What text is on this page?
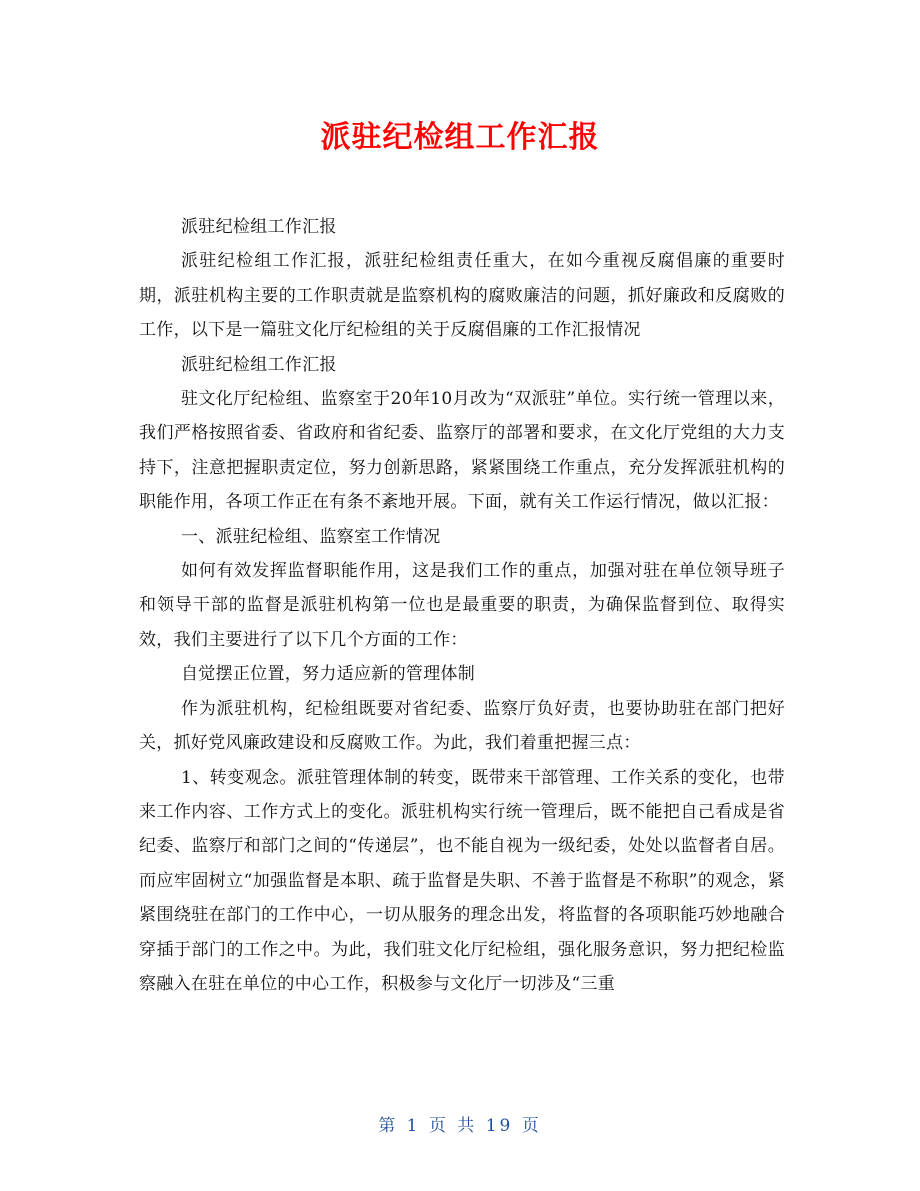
派驻纪检组工作汇报

派驻纪检组工作汇报

派驻纪检组工作汇报，派驻纪检组责任重大，在如今重视反腐倡廉的重要时期，派驻机构主要的工作职责就是监察机构的腐败廉洁的问题，抓好廉政和反腐败的工作，以下是一篇驻文化厅纪检组的关于反腐倡廉的工作汇报情况

派驻纪检组工作汇报

驻文化厅纪检组、监察室于20年10月改为“双派驻”单位。实行统一管理以来，我们严格按照省委、省政府和省纪委、监察厅的部署和要求，在文化厅党组的大力支持下，注意把握职责定位，努力创新思路，紧紧围绕工作重点，充分发挥派驻机构的职能作用，各项工作正在有条不紊地开展。下面，就有关工作运行情况，做以汇报：

一、派驻纪检组、监察室工作情况

如何有效发挥监督职能作用，这是我们工作的重点，加强对驻在单位领导班子和领导干部的监督是派驻机构第一位也是最重要的职责，为确保监督到位、取得实效，我们主要进行了以下几个方面的工作：

自觉摆正位置，努力适应新的管理体制

作为派驻机构，纪检组既要对省纪委、监察厅负好责，也要协助驻在部门把好关，抓好党风廉政建设和反腐败工作。为此，我们着重把握三点：

1、转变观念。派驻管理体制的转变，既带来干部管理、工作关系的变化，也带来工作内容、工作方式上的变化。派驻机构实行统一管理后，既不能把自己看成是省纪委、监察厅和部门之间的“传递层”，也不能自视为一级纪委，处处以监督者自居。而应牢固树立“加强监督是本职、疏于监督是失职、不善于监督是不称职”的观念，紧紧围绕驻在部门的工作中心，一切从服务的理念出发，将监督的各项职能巧妙地融合穿插于部门的工作之中。为此，我们驻文化厅纪检组，强化服务意识，努力把纪检监察融入在驻在单位的中心工作，积极参与文化厅一切涉及“三重

第 1 页 共 19 页
